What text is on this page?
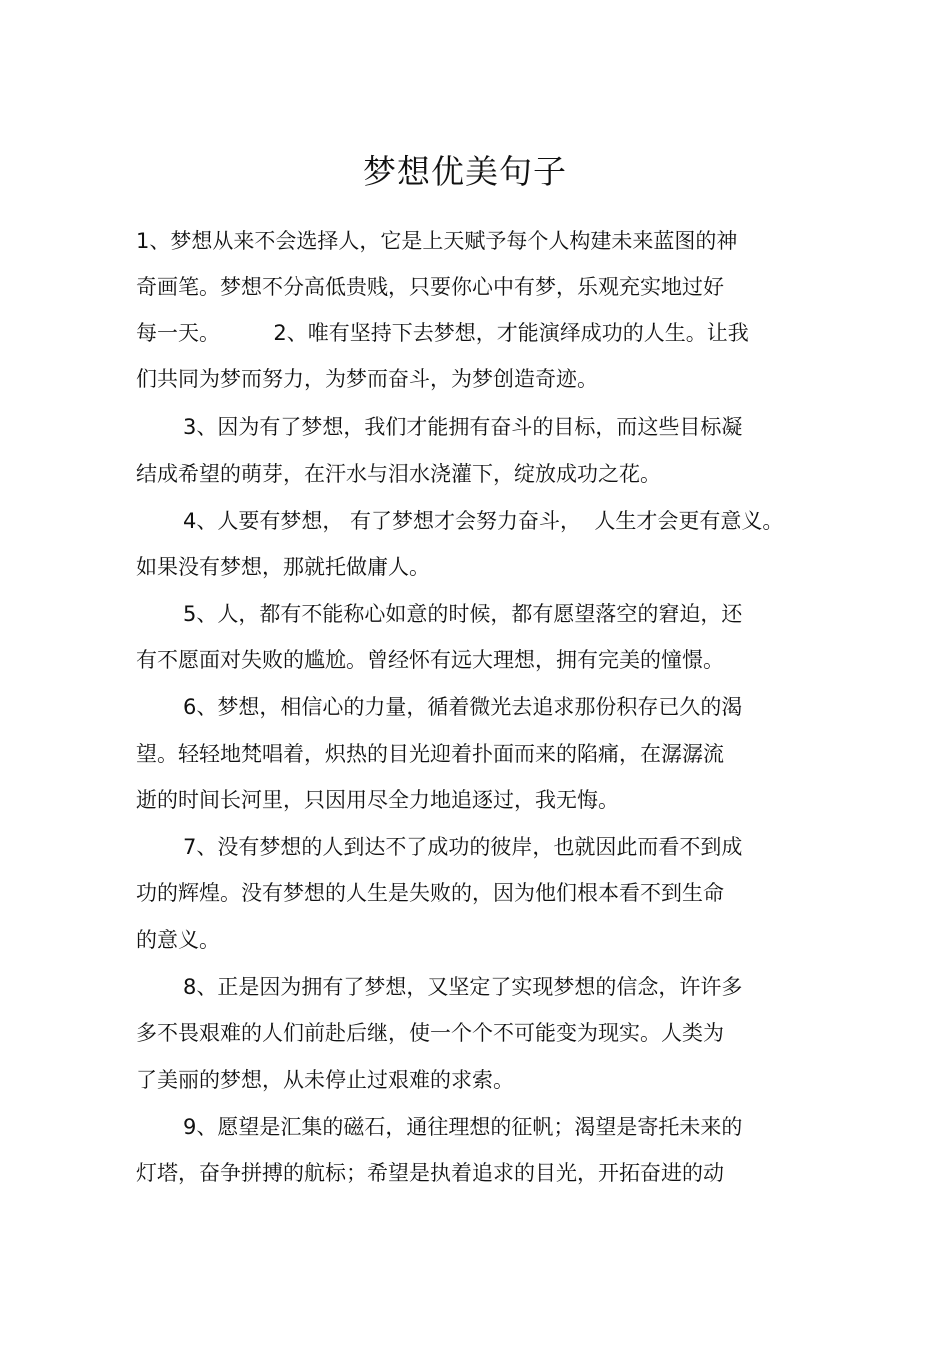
梦想优美句子
1、梦想从来不会选择人，它是上天赋予每个人构建未来蓝图的神
奇画笔。梦想不分高低贵贱，只要你心中有梦，乐观充实地过好
每一天。        2、唯有坚持下去梦想，才能演绎成功的人生。让我
们共同为梦而努力，为梦而奋斗，为梦创造奇迹。
3、因为有了梦想，我们才能拥有奋斗的目标，而这些目标凝
结成希望的萌芽，在汗水与泪水浇灌下，绽放成功之花。
4、人要有梦想， 有了梦想才会努力奋斗，  人生才会更有意义。
如果没有梦想，那就托做庸人。
5、人，都有不能称心如意的时候，都有愿望落空的窘迫，还
有不愿面对失败的尴尬。曾经怀有远大理想，拥有完美的憧憬。
6、梦想，相信心的力量，循着微光去追求那份积存已久的渴
望。轻轻地梵唱着，炽热的目光迎着扑面而来的陷痛，在潺潺流
逝的时间长河里，只因用尽全力地追逐过，我无悔。
7、没有梦想的人到达不了成功的彼岸，也就因此而看不到成
功的辉煌。没有梦想的人生是失败的，因为他们根本看不到生命
的意义。
8、正是因为拥有了梦想，又坚定了实现梦想的信念，许许多
多不畏艰难的人们前赴后继，使一个个不可能变为现实。人类为
了美丽的梦想，从未停止过艰难的求索。
9、愿望是汇集的磁石，通往理想的征帆；渴望是寄托未来的
灯塔，奋争拼搏的航标；希望是执着追求的目光，开拓奋进的动
